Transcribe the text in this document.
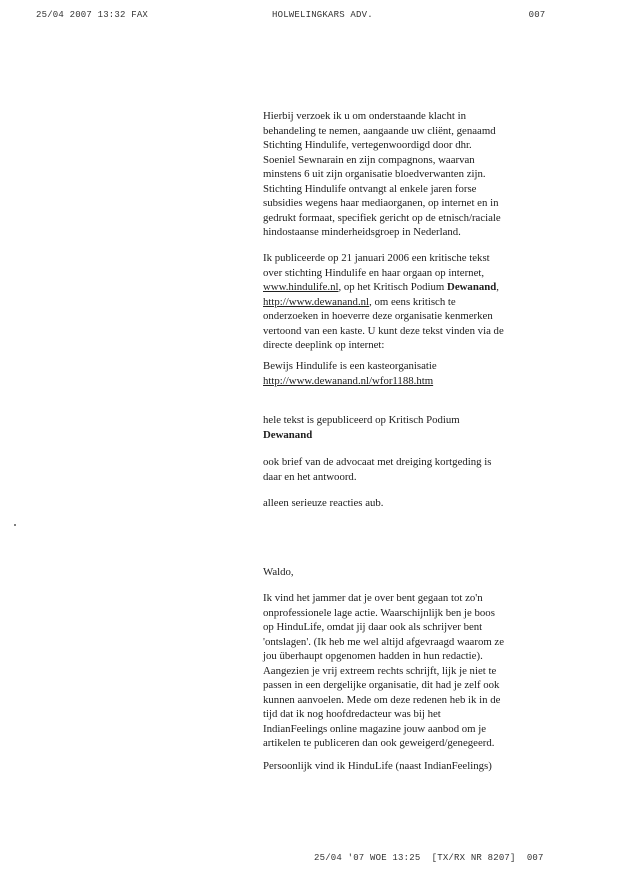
25/04 2007 13:32 FAX	HOLWELINGKARS ADV.	007

Hierbij verzoek ik u om onderstaande klacht in

behandeling te nemen, aangaande uw cliënt, genaamd

Stichting Hindulife, vertegenwoordigd door dhr.

Soeniel Sewnarain en zijn compagnons, waarvan

minstens 6 uit zijn organisatie bloedverwanten zijn.

Stichting Hindulife ontvangt al enkele jaren forse

subsidies wegens haar mediaorganen, op internet en in

gedrukt formaat, specifiek gericht op de etnisch/raciale

hindostaanse minderheidsgroep in Nederland.

Ik publiceerde op 21 januari 2006 een kritische tekst

over stichting Hindulife en haar orgaan op internet,

www.hindulife.nl, op het Kritisch Podium Dewanand,

http://www.dewanand.nl, om eens kritisch te

onderzoeken in hoeverre deze organisatie kenmerken

vertoond van een kaste. U kunt deze tekst vinden via de

directe deeplink op internet:

Bewijs Hindulife is een kasteorganisatie

http://www.dewanand.nl/wfor1188.htm

hele tekst is gepubliceerd op Kritisch Podium

Dewanand

ook brief van de advocaat met dreiging kortgeding is

daar en het antwoord.

alleen serieuze reacties aub.

Waldo,

Ik vind het jammer dat je over bent gegaan tot zo'n

onprofessionele lage actie. Waarschijnlijk ben je boos

op HinduLife, omdat jij daar ook als schrijver bent

'ontslagen'. (Ik heb me wel altijd afgevraagd waarom ze

jou überhaupt opgenomen hadden in hun redactie).

Aangezien je vrij extreem rechts schrijft, lijk je niet te

passen in een dergelijke organisatie, dit had je zelf ook

kunnen aanvoelen. Mede om deze redenen heb ik in de

tijd dat ik nog hoofdredacteur was bij het

IndianFeelings online magazine jouw aanbod om je

artikelen te publiceren dan ook geweigerd/genegeerd.

Persoonlijk vind ik HinduLife (naast IndianFeelings)

25/04 '07 WOE 13:25  [TX/RX NR 8207]  007
